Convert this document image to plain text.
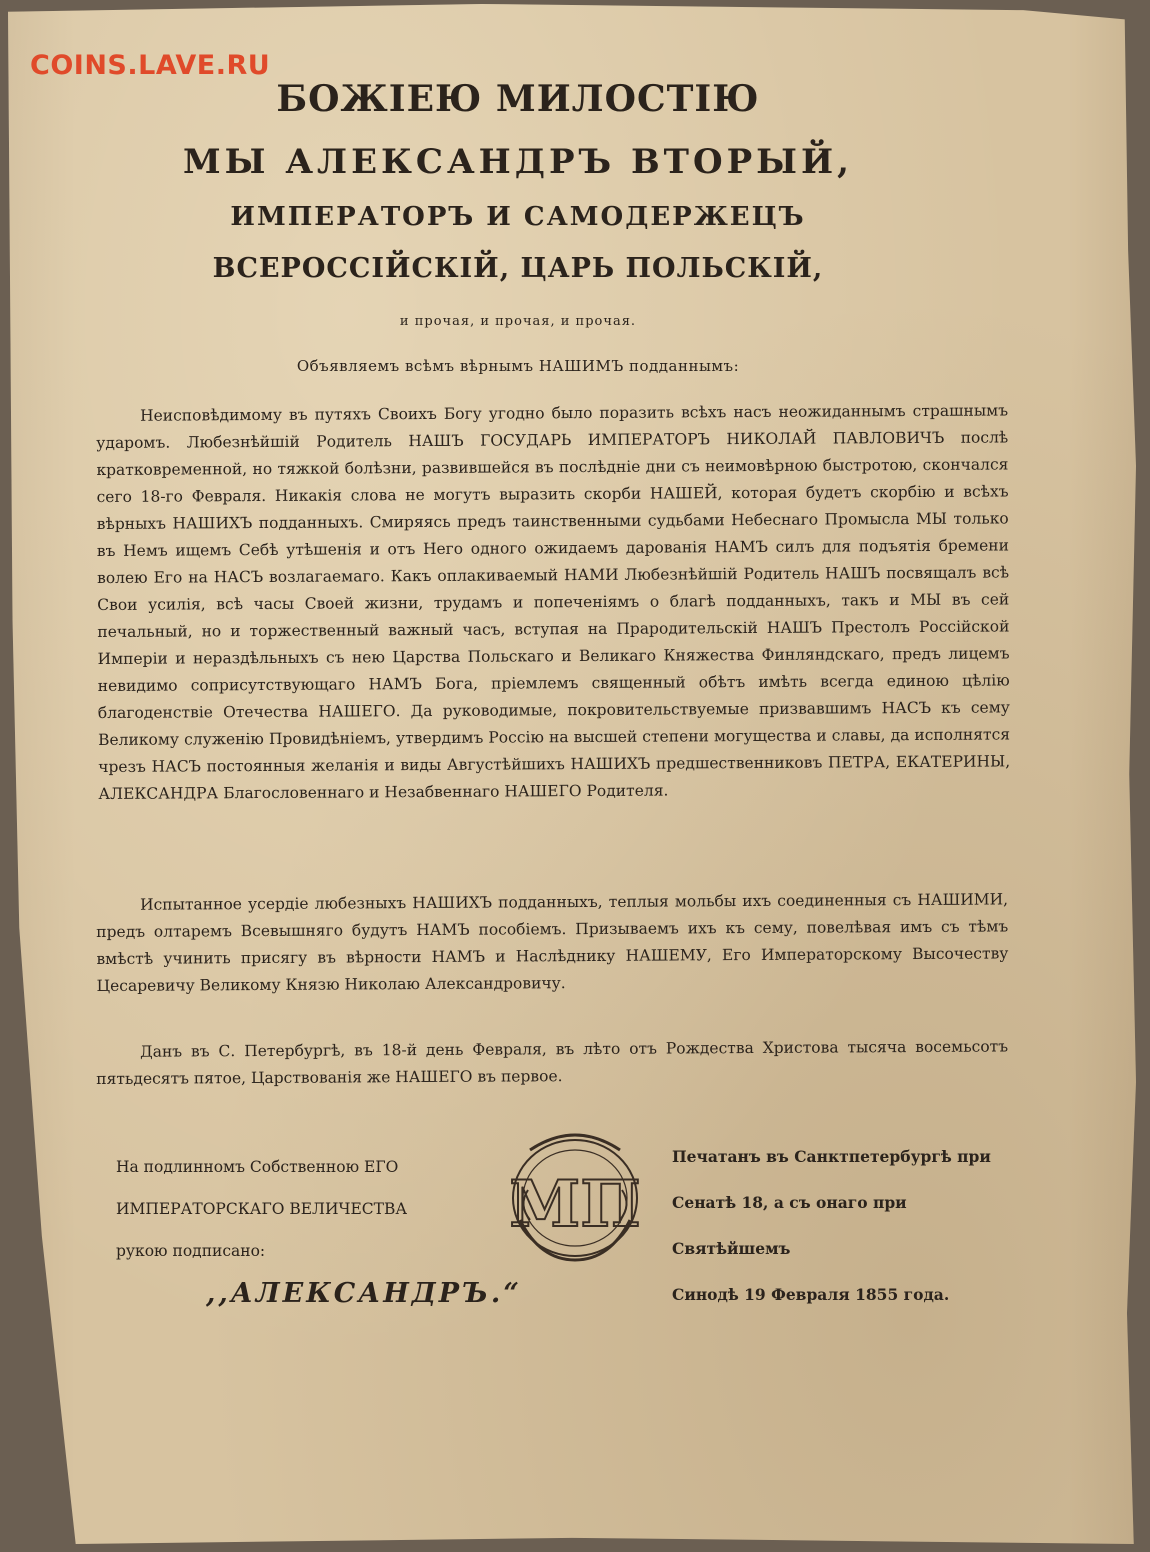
COINS.LAVE.RU
БОЖІЕЮ МИЛОСТІЮ
МЫ АЛЕКСАНДРЪ ВТОРЫЙ,
ИМПЕРАТОРЪ И САМОДЕРЖЕЦЪ
ВСЕРОССІЙСКІЙ, ЦАРЬ ПОЛЬСКІЙ,
и прочая, и прочая, и прочая.
Объявляемъ всѣмъ вѣрнымъ НАШИМЪ подданнымъ:
Неисповѣдимому въ путяхъ Своихъ Богу угодно было поразить всѣхъ насъ неожиданнымъ страшнымъ ударомъ. Любезнѣйшій Родитель НАШЪ ГОСУДАРЬ ИМПЕРАТОРЪ НИКОЛАЙ ПАВЛОВИЧЪ послѣ кратковременной, но тяжкой болѣзни, развившейся въ послѣдніе дни съ неимовѣрною быстротою, скончался сего 18-го Февраля. Никакія слова не могутъ выразить скорби НАШЕЙ, которая будетъ скорбію и всѣхъ вѣрныхъ НАШИХЪ подданныхъ. Смиряясь предъ таинственными судьбами Небеснаго Промысла МЫ только въ Немъ ищемъ Себѣ утѣшенія и отъ Него одного ожидаемъ дарованія НАМЪ силъ для подъятія бремени волею Его на НАСЪ возлагаемаго. Какъ оплакиваемый НАМИ Любезнѣйшій Родитель НАШЪ посвящалъ всѣ Свои усилія, всѣ часы Своей жизни, трудамъ и попеченіямъ о благѣ подданныхъ, такъ и МЫ въ сей печальный, но и торжественный важный часъ, вступая на Прародительскій НАШЪ Престолъ Россійской Имперіи и нераздѣльныхъ съ нею Царства Польскаго и Великаго Княжества Финляндскаго, предъ лицемъ невидимо соприсутствующаго НАМЪ Бога, пріемлемъ священный обѣтъ имѣть всегда единою цѣлію благоденствіе Отечества НАШЕГО. Да руководимые, покровительствуемые призвавшимъ НАСЪ къ сему Великому служенію Провидѣніемъ, утвердимъ Россію на высшей степени могущества и славы, да исполнятся чрезъ НАСЪ постоянныя желанія и виды Августѣйшихъ НАШИХЪ предшественниковъ ПЕТРА, ЕКАТЕРИНЫ, АЛЕКСАНДРА Благословеннаго и Незабвеннаго НАШЕГО Родителя.
Испытанное усердіе любезныхъ НАШИХЪ подданныхъ, теплыя мольбы ихъ соединенныя съ НАШИМИ, предъ олтаремъ Всевышняго будутъ НАМЪ пособіемъ. Призываемъ ихъ къ сему, повелѣвая имъ съ тѣмъ вмѣстѣ учинить присягу въ вѣрности НАМЪ и Наслѣднику НАШЕМУ, Его Императорскому Высочеству Цесаревичу Великому Князю Николаю Александровичу.
Данъ въ С. Петербургѣ, въ 18-й день Февраля, въ лѣто отъ Рождества Христова тысяча восемьсотъ пятьдесятъ пятое, Царствованія же НАШЕГО въ первое.
На подлинномъ Собственною ЕГО
ИМПЕРАТОРСКАГО ВЕЛИЧЕСТВА
рукою подписано:
,,АЛЕКСАНДРЪ.“
МП
Печатанъ въ Санктпетербургѣ при
Сенатѣ 18, а съ онаго при Святѣйшемъ
Синодѣ 19 Февраля 1855 года.
